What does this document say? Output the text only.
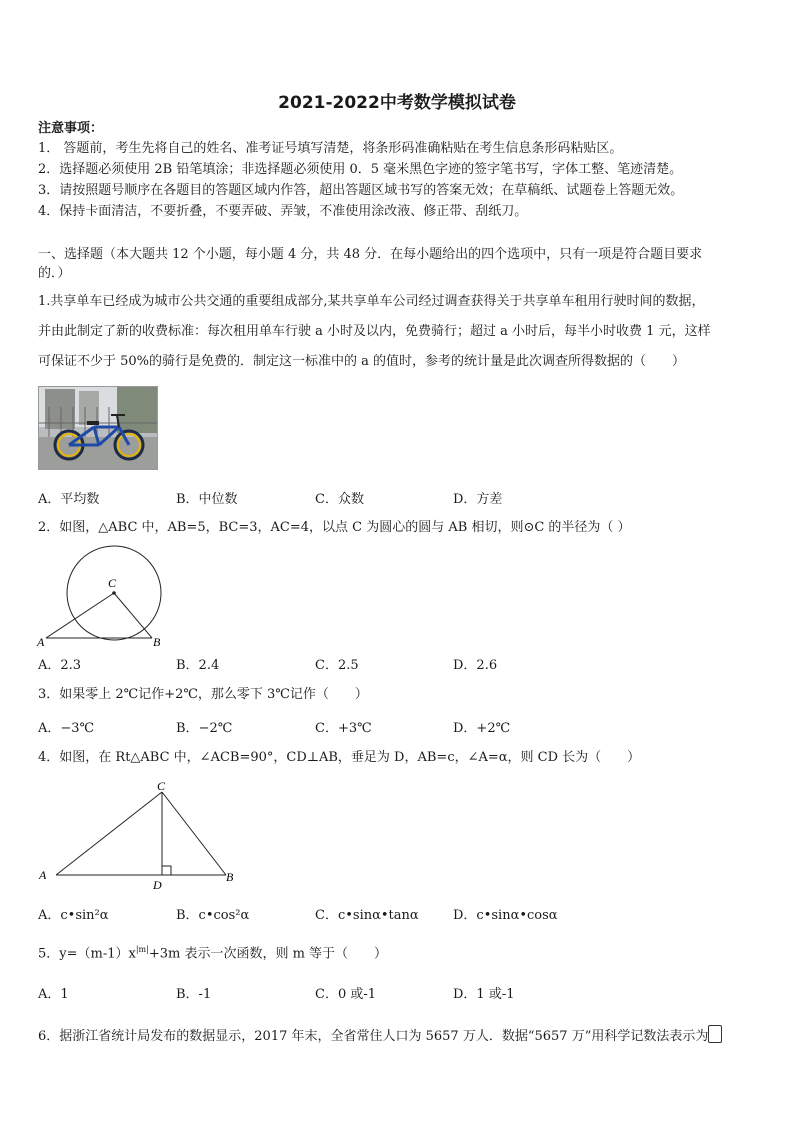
2021-2022中考数学模拟试卷
注意事项：
1． 答题前，考生先将自己的姓名、准考证号填写清楚，将条形码准确粘贴在考生信息条形码粘贴区。
2．选择题必须使用 2B 铅笔填涂；非选择题必须使用 0．5 毫米黑色字迹的签字笔书写，字体工整、笔迹清楚。
3．请按照题号顺序在各题目的答题区域内作答，超出答题区域书写的答案无效；在草稿纸、试题卷上答题无效。
4．保持卡面清洁，不要折叠，不要弄破、弄皱，不准使用涂改液、修正带、刮纸刀。
一、选择题（本大题共 12 个小题，每小题 4 分，共 48 分．在每小题给出的四个选项中，只有一项是符合题目要求
的．）
1.共享单车已经成为城市公共交通的重要组成部分,某共享单车公司经过调查获得关于共享单车租用行驶时间的数据，
并由此制定了新的收费标准：每次租用单车行驶 a 小时及以内，免费骑行；超过 a 小时后，每半小时收费 1 元，这样
可保证不少于 50%的骑行是免费的．制定这一标准中的 a 的值时，参考的统计量是此次调查所得数据的（　　）
A．平均数	B．中位数	C．众数	D．方差
2．如图，△ABC 中，AB=5，BC=3，AC=4，以点 C 为圆心的圆与 AB 相切，则⊙C 的半径为（ ）
C
A	B
A．2.3	B．2.4	C．2.5	D．2.6
3．如果零上 2℃记作+2℃，那么零下 3℃记作（　　）
A．−3℃	B．−2℃	C．+3℃	D．+2℃
4．如图，在 Rt△ABC 中，∠ACB=90°，CD⊥AB，垂足为 D，AB=c，∠A=α，则 CD 长为（　　）
C
A	B
D
A．c•sin²α	B．c•cos²α	C．c•sinα•tanα	D．c•sinα•cosα
5．$y=(m-1)x^{|m|}+3m$ 表示一次函数，则 m 等于（　　）
A．1	B．-1	C．0 或-1	D．1 或-1
6．据浙江省统计局发布的数据显示，2017 年末，全省常住人口为 5657 万人．数据“5657 万”用科学记数法表示为
